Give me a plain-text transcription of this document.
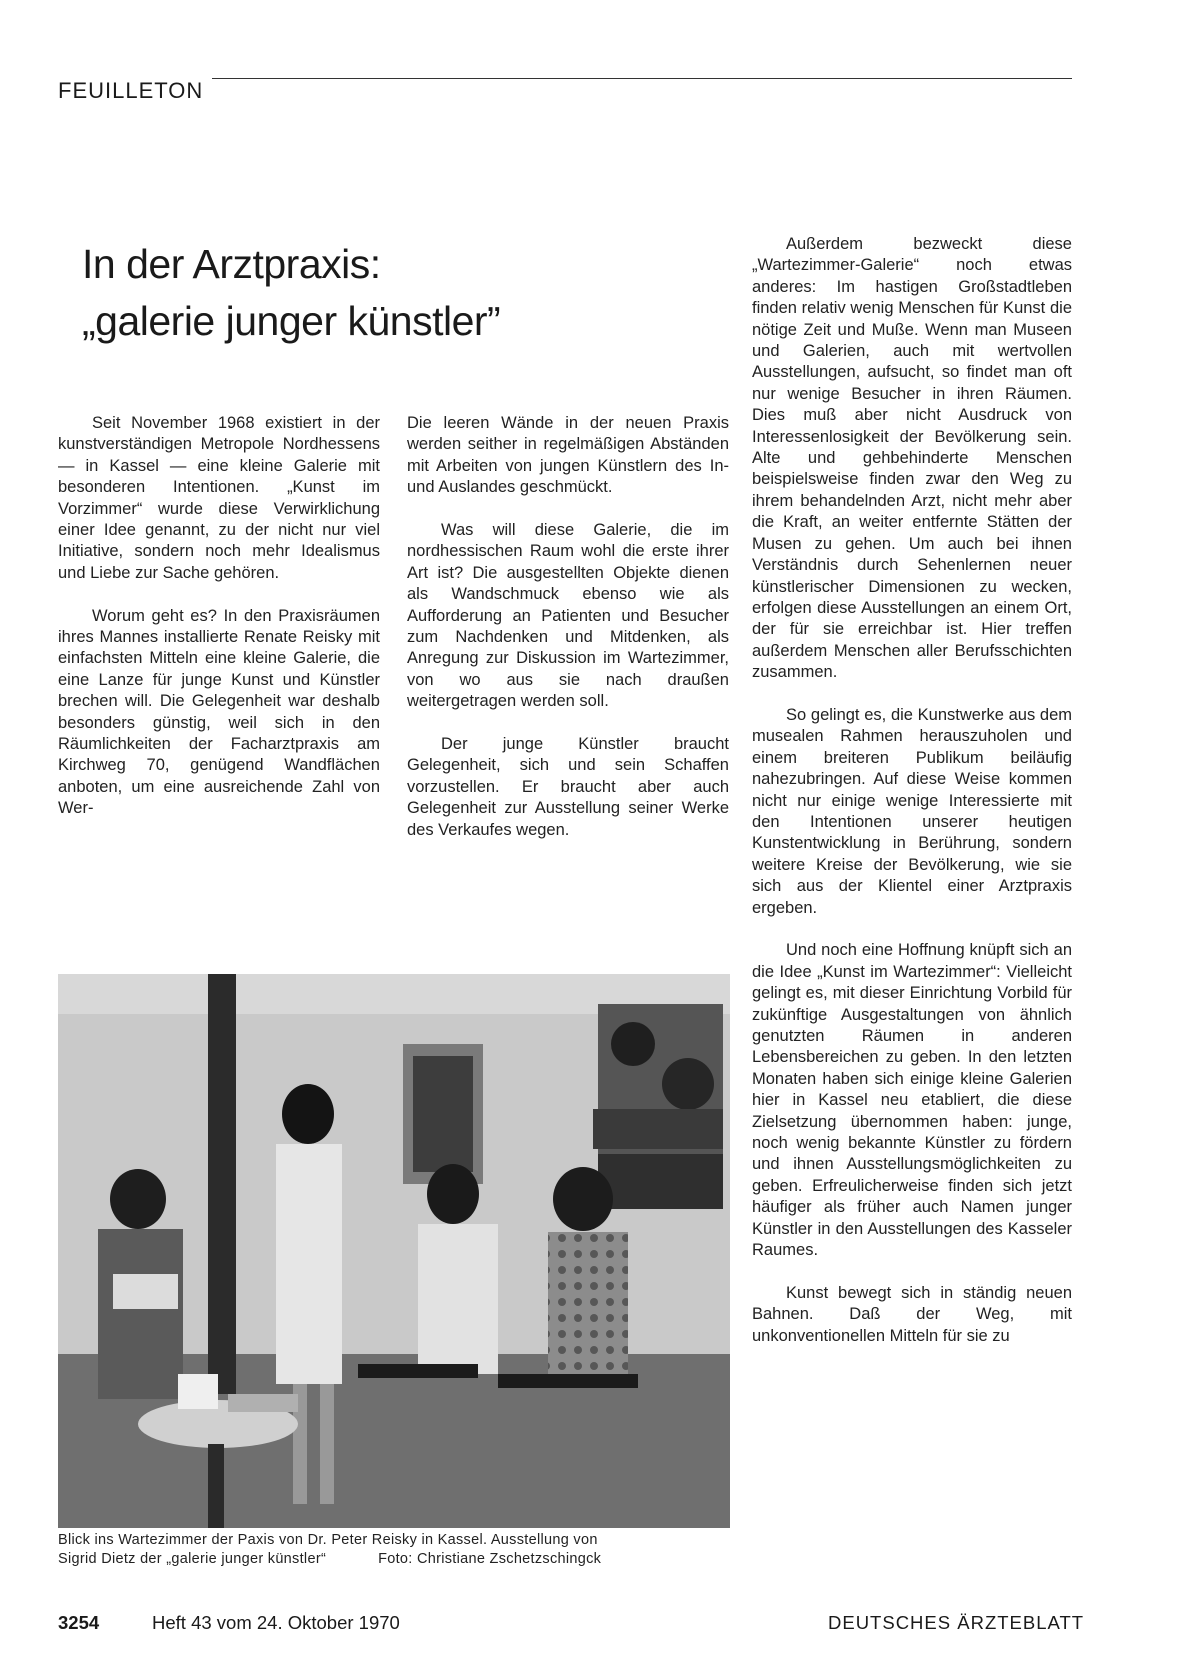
FEUILLETON
In der Arztpraxis:
„galerie junger künstler”

Seit November 1968 existiert in der kunstverständigen Metropole Nordhessens — in Kassel — eine kleine Galerie mit besonderen Intentionen. „Kunst im Vorzimmer“ wurde diese Verwirklichung einer Idee genannt, zu der nicht nur viel Initiative, sondern noch mehr Idealismus und Liebe zur Sache gehören.

Worum geht es? In den Praxisräumen ihres Mannes installierte Renate Reisky mit einfachsten Mitteln eine kleine Galerie, die eine Lanze für junge Kunst und Künstler brechen will. Die Gelegenheit war deshalb besonders günstig, weil sich in den Räumlichkeiten der Facharztpraxis am Kirchweg 70, genügend Wandflächen anboten, um eine ausreichende Zahl von Wer-

Die leeren Wände in der neuen Praxis werden seither in regelmäßigen Abständen mit Arbeiten von jungen Künstlern des In- und Auslandes geschmückt.

Was will diese Galerie, die im nordhessischen Raum wohl die erste ihrer Art ist? Die ausgestellten Objekte dienen als Wandschmuck ebenso wie als Aufforderung an Patienten und Besucher zum Nachdenken und Mitdenken, als Anregung zur Diskussion im Wartezimmer, von wo aus sie nach draußen weitergetragen werden soll.

Der junge Künstler braucht Gelegenheit, sich und sein Schaffen vorzustellen. Er braucht aber auch Gelegenheit zur Ausstellung seiner Werke des Verkaufes wegen.

Außerdem bezweckt diese „Wartezimmer-Galerie“ noch etwas anderes: Im hastigen Großstadtleben finden relativ wenig Menschen für Kunst die nötige Zeit und Muße. Wenn man Museen und Galerien, auch mit wertvollen Ausstellungen, aufsucht, so findet man oft nur wenige Besucher in ihren Räumen. Dies muß aber nicht Ausdruck von Interessenlosigkeit der Bevölkerung sein. Alte und gehbehinderte Menschen beispielsweise finden zwar den Weg zu ihrem behandelnden Arzt, nicht mehr aber die Kraft, an weiter entfernte Stätten der Musen zu gehen. Um auch bei ihnen Verständnis durch Sehenlernen neuer künstlerischer Dimensionen zu wecken, erfolgen diese Ausstellungen an einem Ort, der für sie erreichbar ist. Hier treffen außerdem Menschen aller Berufsschichten zusammen.

So gelingt es, die Kunstwerke aus dem musealen Rahmen herauszuholen und einem breiteren Publikum beiläufig nahezubringen. Auf diese Weise kommen nicht nur einige wenige Interessierte mit den Intentionen unserer heutigen Kunstentwicklung in Berührung, sondern weitere Kreise der Bevölkerung, wie sie sich aus der Klientel einer Arztpraxis ergeben.

Und noch eine Hoffnung knüpft sich an die Idee „Kunst im Wartezimmer“: Vielleicht gelingt es, mit dieser Einrichtung Vorbild für zukünftige Ausgestaltungen von ähnlich genutzten Räumen in anderen Lebensbereichen zu geben. In den letzten Monaten haben sich einige kleine Galerien hier in Kassel neu etabliert, die diese Zielsetzung übernommen haben: junge, noch wenig bekannte Künstler zu fördern und ihnen Ausstellungsmöglichkeiten zu geben. Erfreulicherweise finden sich jetzt häufiger als früher auch Namen junger Künstler in den Ausstellungen des Kasseler Raumes.

Kunst bewegt sich in ständig neuen Bahnen. Daß der Weg, mit unkonventionellen Mitteln für sie zu

Blick ins Wartezimmer der Paxis von Dr. Peter Reisky in Kassel. Ausstellung von
Sigrid Dietz der „galerie junger künstler“	Foto: Christiane Zschetzschingck
3254	Heft 43 vom 24. Oktober 1970	DEUTSCHES ÄRZTEBLATT
